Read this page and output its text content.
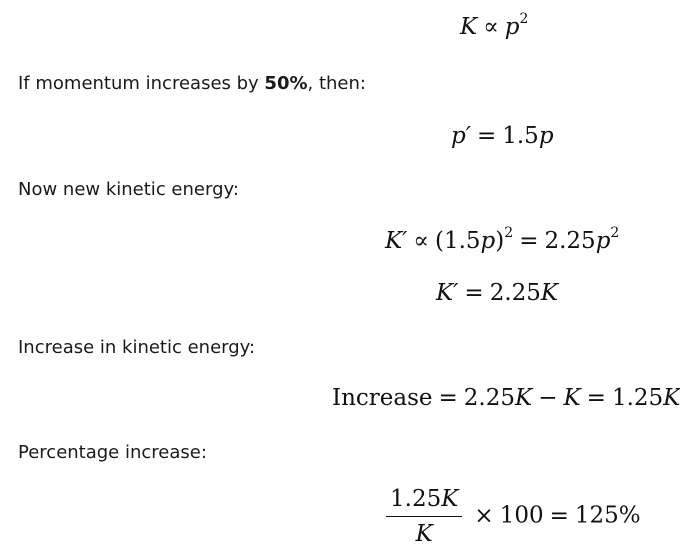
$K \propto p^2$
If momentum increases by 50%, then:
p′ = 1.5p
Now new kinetic energy:
$K' \propto (1.5p)^2 = 2.25p^2$
K′ = 2.25K
Increase in kinetic energy:
Increase = 2.25K − K = 1.25K
Percentage increase:
$\frac{1.25K}{K} \times 100 = 125\%$
